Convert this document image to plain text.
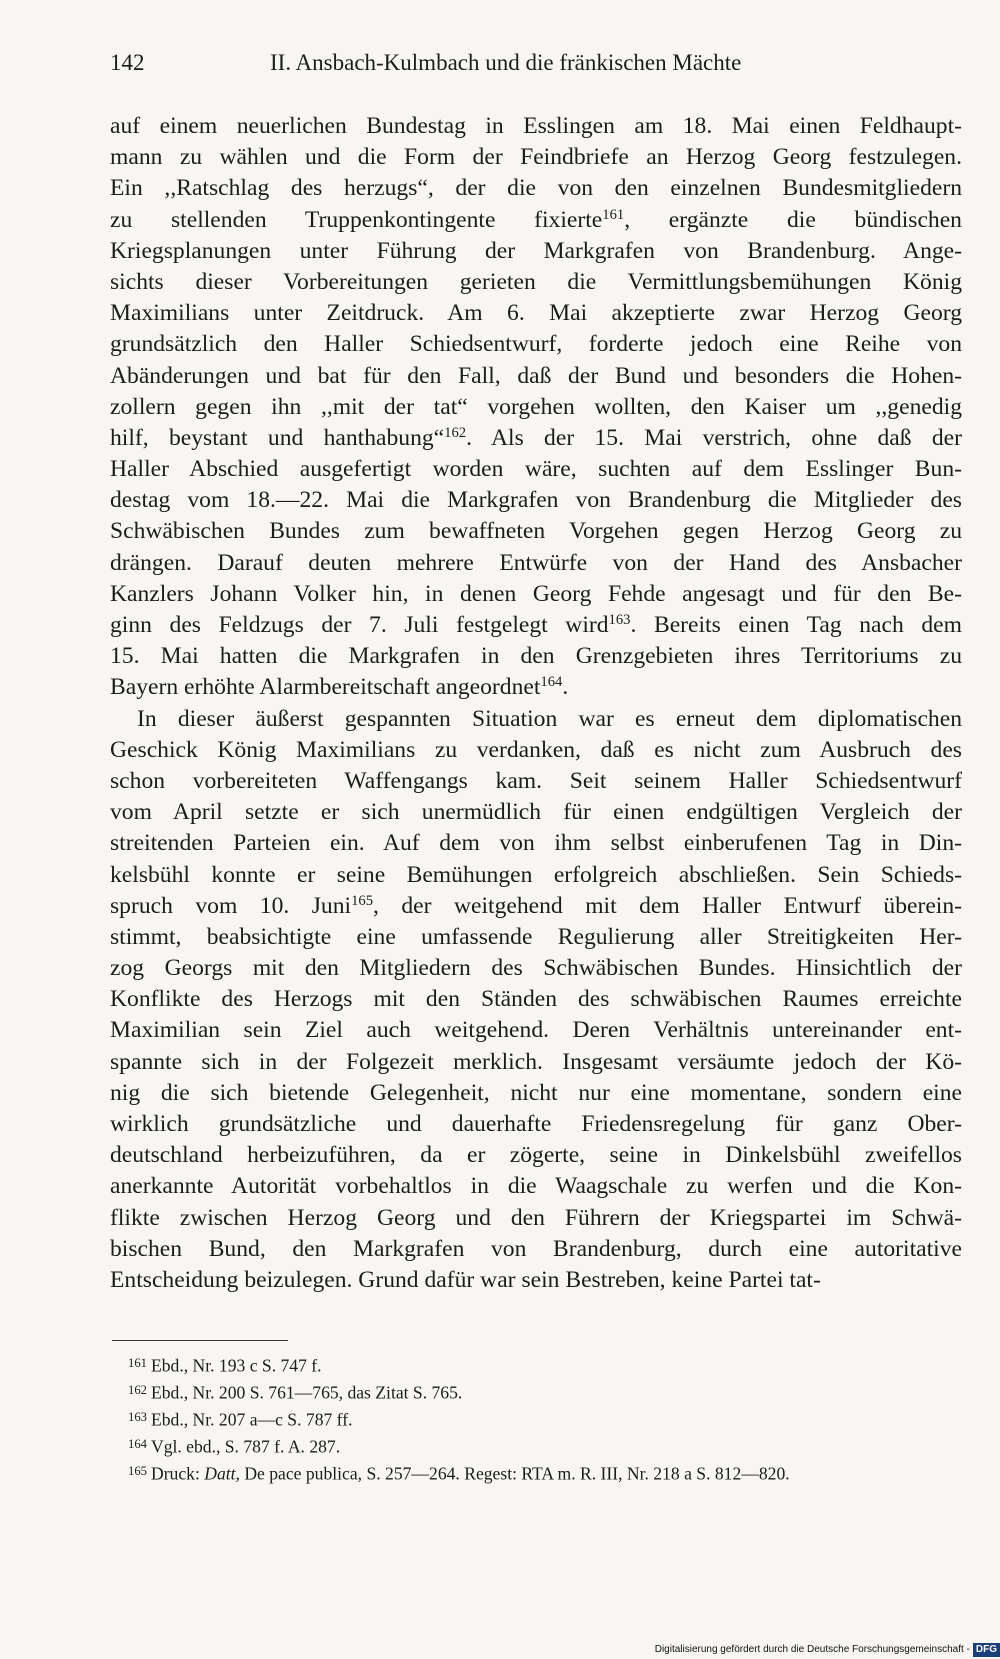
142	II. Ansbach-Kulmbach und die fränkischen Mächte
auf einem neuerlichen Bundestag in Esslingen am 18. Mai einen Feldhaupt-
mann zu wählen und die Form der Feindbriefe an Herzog Georg festzulegen.
Ein ,,Ratschlag des herzugs“, der die von den einzelnen Bundesmitgliedern
zu stellenden Truppenkontingente fixierte$^{161}$, ergänzte die bündischen
Kriegsplanungen unter Führung der Markgrafen von Brandenburg. Ange-
sichts dieser Vorbereitungen gerieten die Vermittlungsbemühungen König
Maximilians unter Zeitdruck. Am 6. Mai akzeptierte zwar Herzog Georg
grundsätzlich den Haller Schiedsentwurf, forderte jedoch eine Reihe von
Abänderungen und bat für den Fall, daß der Bund und besonders die Hohen-
zollern gegen ihn ,,mit der tat“ vorgehen wollten, den Kaiser um ,,genedig
hilf, beystant und hanthabung“$^{162}$. Als der 15. Mai verstrich, ohne daß der
Haller Abschied ausgefertigt worden wäre, suchten auf dem Esslinger Bun-
destag vom 18.—22. Mai die Markgrafen von Brandenburg die Mitglieder des
Schwäbischen Bundes zum bewaffneten Vorgehen gegen Herzog Georg zu
drängen. Darauf deuten mehrere Entwürfe von der Hand des Ansbacher
Kanzlers Johann Volker hin, in denen Georg Fehde angesagt und für den Be-
ginn des Feldzugs der 7. Juli festgelegt wird$^{163}$. Bereits einen Tag nach dem
15. Mai hatten die Markgrafen in den Grenzgebieten ihres Territoriums zu
Bayern erhöhte Alarmbereitschaft angeordnet$^{164}$.
In dieser äußerst gespannten Situation war es erneut dem diplomatischen
Geschick König Maximilians zu verdanken, daß es nicht zum Ausbruch des
schon vorbereiteten Waffengangs kam. Seit seinem Haller Schiedsentwurf
vom April setzte er sich unermüdlich für einen endgültigen Vergleich der
streitenden Parteien ein. Auf dem von ihm selbst einberufenen Tag in Din-
kelsbühl konnte er seine Bemühungen erfolgreich abschließen. Sein Schieds-
spruch vom 10. Juni$^{165}$, der weitgehend mit dem Haller Entwurf überein-
stimmt, beabsichtigte eine umfassende Regulierung aller Streitigkeiten Her-
zog Georgs mit den Mitgliedern des Schwäbischen Bundes. Hinsichtlich der
Konflikte des Herzogs mit den Ständen des schwäbischen Raumes erreichte
Maximilian sein Ziel auch weitgehend. Deren Verhältnis untereinander ent-
spannte sich in der Folgezeit merklich. Insgesamt versäumte jedoch der Kö-
nig die sich bietende Gelegenheit, nicht nur eine momentane, sondern eine
wirklich grundsätzliche und dauerhafte Friedensregelung für ganz Ober-
deutschland herbeizuführen, da er zögerte, seine in Dinkelsbühl zweifellos
anerkannte Autorität vorbehaltlos in die Waagschale zu werfen und die Kon-
flikte zwischen Herzog Georg und den Führern der Kriegspartei im Schwä-
bischen Bund, den Markgrafen von Brandenburg, durch eine autoritative
Entscheidung beizulegen. Grund dafür war sein Bestreben, keine Partei tat-
$^{161}$ Ebd., Nr. 193 c S. 747 f.
$^{162}$ Ebd., Nr. 200 S. 761—765, das Zitat S. 765.
$^{163}$ Ebd., Nr. 207 a—c S. 787 ff.
$^{164}$ Vgl. ebd., S. 787 f. A. 287.
$^{165}$ Druck: Datt, De pace publica, S. 257—264. Regest: RTA m. R. III, Nr. 218 a S. 812—820.
Digitalisierung gefördert durch die Deutsche Forschungsgemeinschaft - DFG
